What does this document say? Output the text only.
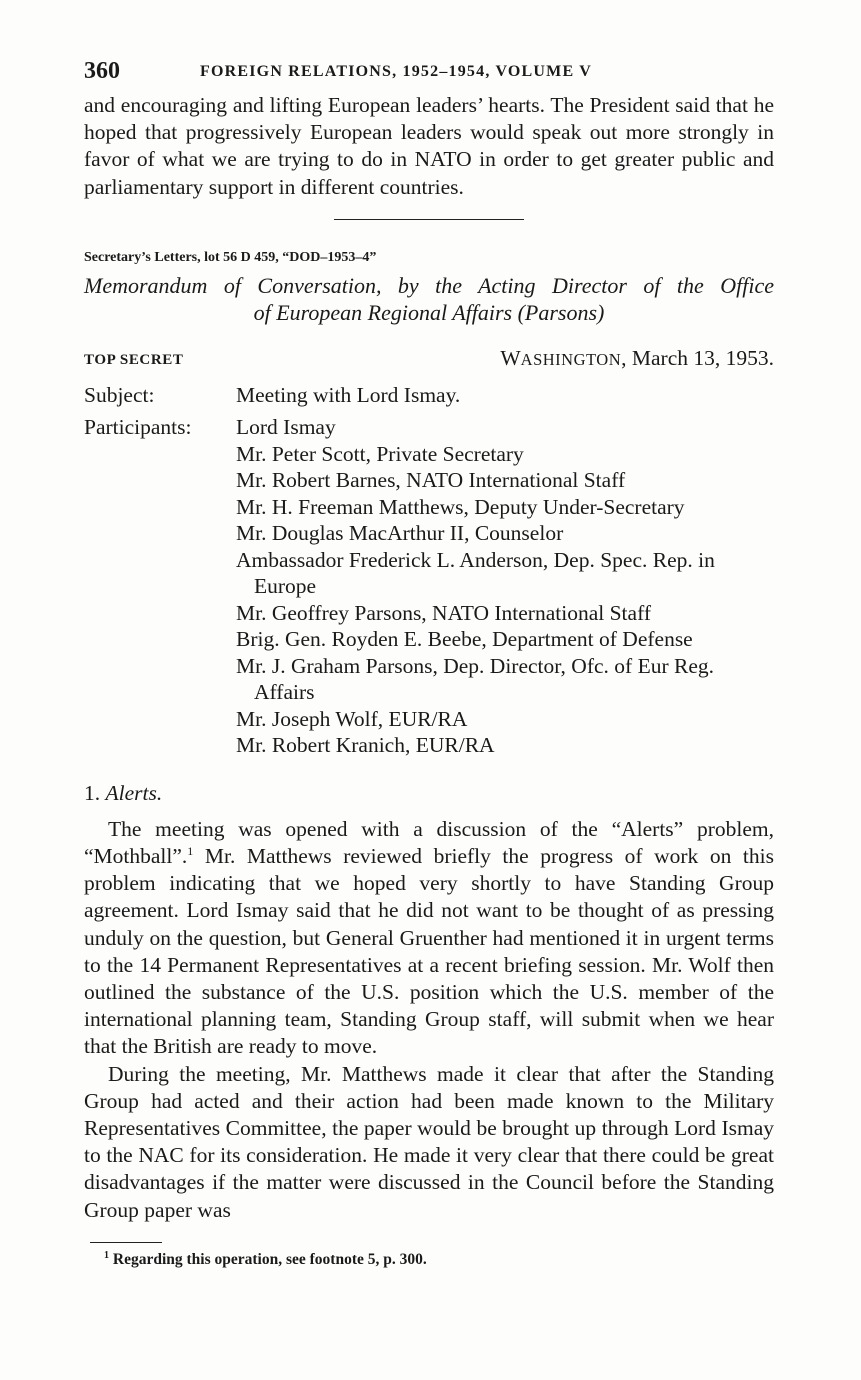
360	FOREIGN RELATIONS, 1952–1954, VOLUME V

and encouraging and lifting European leaders’ hearts. The President said that he hoped that progressively European leaders would speak out more strongly in favor of what we are trying to do in NATO in order to get greater public and parliamentary support in different countries.

Secretary’s Letters, lot 56 D 459, “DOD–1953–4”

Memorandum of Conversation, by the Acting Director of the Office
of European Regional Affairs (Parsons)

TOP SECRET	WASHINGTON, March 13, 1953.
Subject:	Meeting with Lord Ismay.
Participants:	Lord Ismay
Mr. Peter Scott, Private Secretary
Mr. Robert Barnes, NATO International Staff
Mr. H. Freeman Matthews, Deputy Under-Secretary
Mr. Douglas MacArthur II, Counselor
Ambassador Frederick L. Anderson, Dep. Spec. Rep. in Europe
Mr. Geoffrey Parsons, NATO International Staff
Brig. Gen. Royden E. Beebe, Department of Defense
Mr. J. Graham Parsons, Dep. Director, Ofc. of Eur Reg. Affairs
Mr. Joseph Wolf, EUR/RA
Mr. Robert Kranich, EUR/RA
1. Alerts.

The meeting was opened with a discussion of the “Alerts” problem, “Mothball”.$^1$ Mr. Matthews reviewed briefly the progress of work on this problem indicating that we hoped very shortly to have Standing Group agreement. Lord Ismay said that he did not want to be thought of as pressing unduly on the question, but General Gruenther had mentioned it in urgent terms to the 14 Permanent Representatives at a recent briefing session. Mr. Wolf then outlined the substance of the U.S. position which the U.S. member of the international planning team, Standing Group staff, will submit when we hear that the British are ready to move.

During the meeting, Mr. Matthews made it clear that after the Standing Group had acted and their action had been made known to the Military Representatives Committee, the paper would be brought up through Lord Ismay to the NAC for its consideration. He made it very clear that there could be great disadvantages if the matter were discussed in the Council before the Standing Group paper was

$^1$ Regarding this operation, see footnote 5, p. 300.
